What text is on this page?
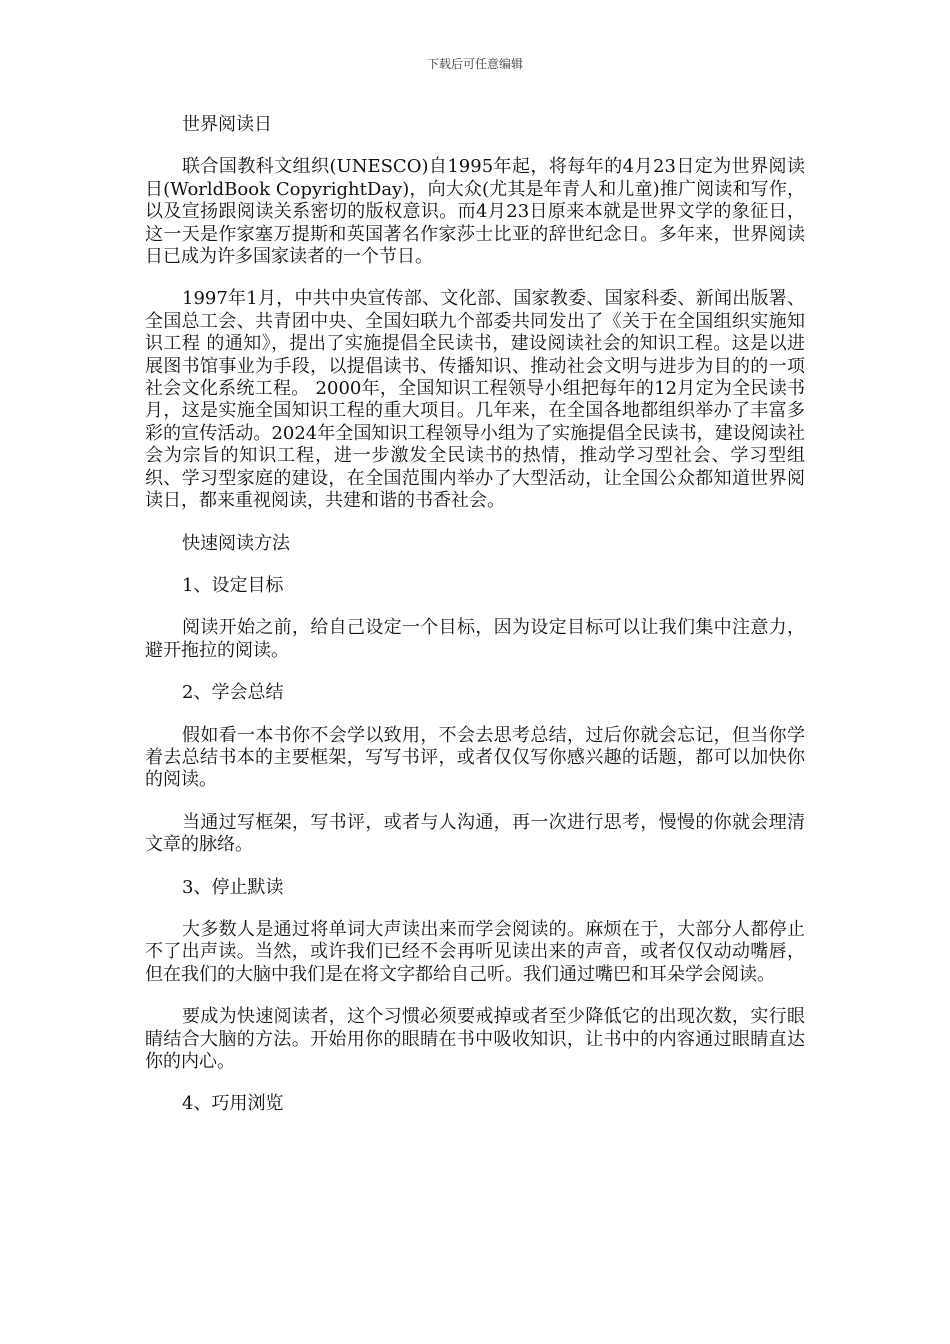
下载后可任意编辑

世界阅读日

联合国教科文组织(UNESCO)自1995年起，将每年的4月23日定为世界阅读日(WorldBook CopyrightDay)，向大众(尤其是年青人和儿童)推广阅读和写作，以及宣扬跟阅读关系密切的版权意识。而4月23日原来本就是世界文学的象征日，这一天是作家塞万提斯和英国著名作家莎士比亚的辞世纪念日。多年来，世界阅读日已成为许多国家读者的一个节日。

1997年1月，中共中央宣传部、文化部、国家教委、国家科委、新闻出版署、全国总工会、共青团中央、全国妇联九个部委共同发出了《关于在全国组织实施知识工程 的通知》，提出了实施提倡全民读书，建设阅读社会的知识工程。这是以进展图书馆事业为手段，以提倡读书、传播知识、推动社会文明与进步为目的的一项社会文化系统工程。 2000年，全国知识工程领导小组把每年的12月定为全民读书月，这是实施全国知识工程的重大项目。几年来，在全国各地都组织举办了丰富多彩的宣传活动。2024年全国知识工程领导小组为了实施提倡全民读书，建设阅读社会为宗旨的知识工程，进一步激发全民读书的热情，推动学习型社会、学习型组织、学习型家庭的建设，在全国范围内举办了大型活动，让全国公众都知道世界阅读日，都来重视阅读，共建和谐的书香社会。

快速阅读方法

1、设定目标

阅读开始之前，给自己设定一个目标，因为设定目标可以让我们集中注意力，避开拖拉的阅读。

2、学会总结

假如看一本书你不会学以致用，不会去思考总结，过后你就会忘记，但当你学着去总结书本的主要框架，写写书评，或者仅仅写你感兴趣的话题，都可以加快你的阅读。

当通过写框架，写书评，或者与人沟通，再一次进行思考，慢慢的你就会理清文章的脉络。

3、停止默读

大多数人是通过将单词大声读出来而学会阅读的。麻烦在于，大部分人都停止不了出声读。当然，或许我们已经不会再听见读出来的声音，或者仅仅动动嘴唇，但在我们的大脑中我们是在将文字都给自己听。我们通过嘴巴和耳朵学会阅读。

要成为快速阅读者，这个习惯必须要戒掉或者至少降低它的出现次数，实行眼睛结合大脑的方法。开始用你的眼睛在书中吸收知识，让书中的内容通过眼睛直达你的内心。

4、巧用浏览
